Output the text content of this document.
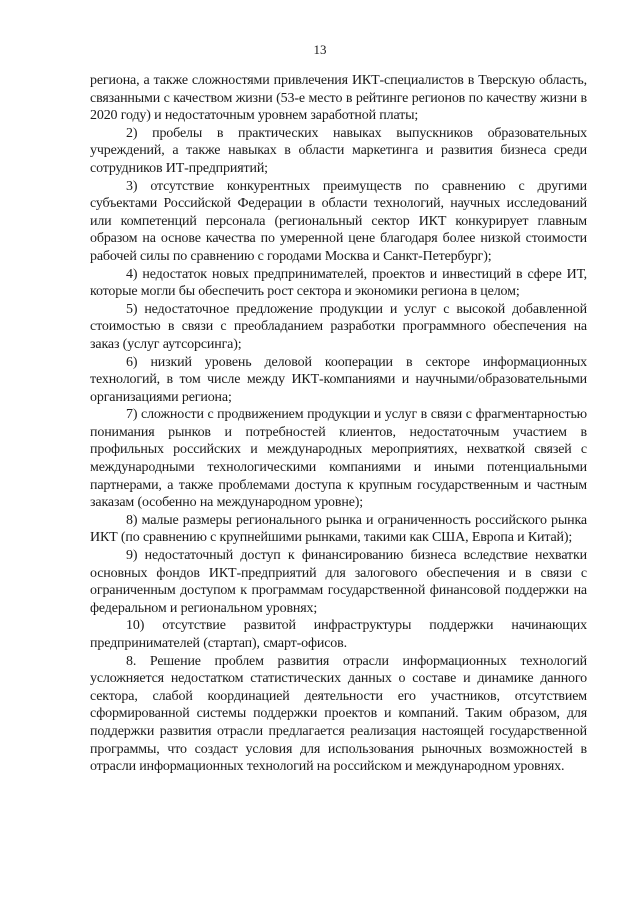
13

региона, а также сложностями привлечения ИКТ-специалистов в Тверскую область, связанными с качеством жизни (53-е место в рейтинге регионов по качеству жизни в 2020 году) и недостаточным уровнем заработной платы;

2) пробелы в практических навыках выпускников образовательных учреждений, а также навыках в области маркетинга и развития бизнеса среди сотрудников ИТ-предприятий;

3) отсутствие конкурентных преимуществ по сравнению с другими субъектами Российской Федерации в области технологий, научных исследований или компетенций персонала (региональный сектор ИКТ конкурирует главным образом на основе качества по умеренной цене благодаря более низкой стоимости рабочей силы по сравнению с городами Москва и Санкт-Петербург);

4) недостаток новых предпринимателей, проектов и инвестиций в сфере ИТ, которые могли бы обеспечить рост сектора и экономики региона в целом;

5) недостаточное предложение продукции и услуг с высокой добавленной стоимостью в связи с преобладанием разработки программного обеспечения на заказ (услуг аутсорсинга);

6) низкий уровень деловой кооперации в секторе информационных технологий, в том числе между ИКТ-компаниями и научными/образовательными организациями региона;

7) сложности с продвижением продукции и услуг в связи с фрагментарностью понимания рынков и потребностей клиентов, недостаточным участием в профильных российских и международных мероприятиях, нехваткой связей с международными технологическими компаниями и иными потенциальными партнерами, а также проблемами доступа к крупным государственным и частным заказам (особенно на международном уровне);

8) малые размеры регионального рынка и ограниченность российского рынка ИКТ (по сравнению с крупнейшими рынками, такими как США, Европа и Китай);

9) недостаточный доступ к финансированию бизнеса вследствие нехватки основных фондов ИКТ-предприятий для залогового обеспечения и в связи с ограниченным доступом к программам государственной финансовой поддержки на федеральном и региональном уровнях;

10) отсутствие развитой инфраструктуры поддержки начинающих предпринимателей (стартап), смарт-офисов.

8. Решение проблем развития отрасли информационных технологий усложняется недостатком статистических данных о составе и динамике данного сектора, слабой координацией деятельности его участников, отсутствием сформированной системы поддержки проектов и компаний. Таким образом, для поддержки развития отрасли предлагается реализация настоящей государственной программы, что создаст условия для использования рыночных возможностей в отрасли информационных технологий на российском и международном уровнях.
